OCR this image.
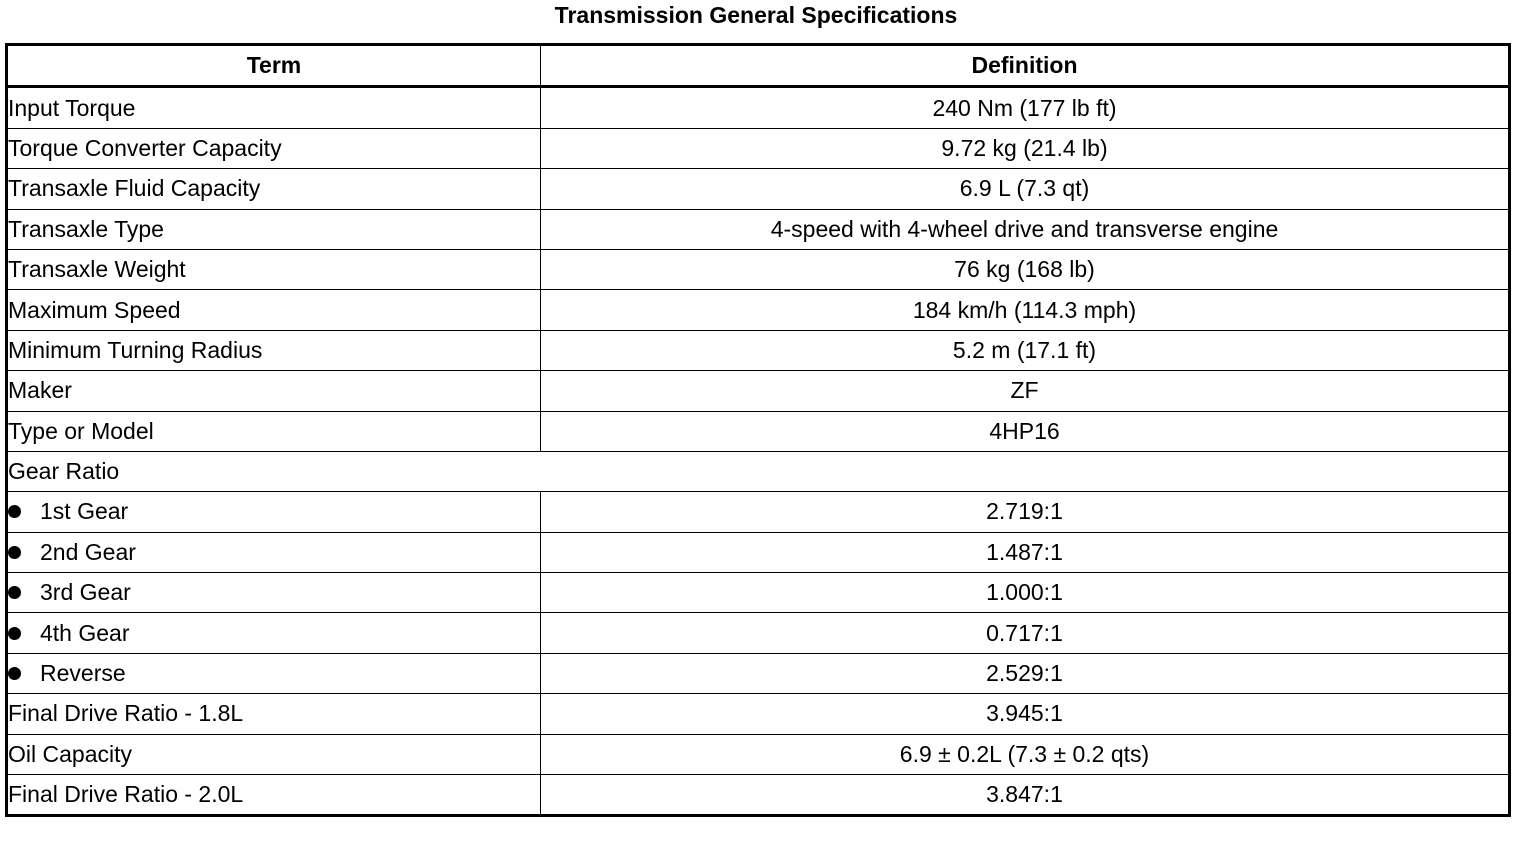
Transmission General Specifications
Term	Definition
Input Torque	240 Nm (177 lb ft)
Torque Converter Capacity	9.72 kg (21.4 lb)
Transaxle Fluid Capacity	6.9 L (7.3 qt)
Transaxle Type	4-speed with 4-wheel drive and transverse engine
Transaxle Weight	76 kg (168 lb)
Maximum Speed	184 km/h (114.3 mph)
Minimum Turning Radius	5.2 m (17.1 ft)
Maker	ZF
Type or Model	4HP16
Gear Ratio	
1st Gear	2.719:1
2nd Gear	1.487:1
3rd Gear	1.000:1
4th Gear	0.717:1
Reverse	2.529:1
Final Drive Ratio - 1.8L	3.945:1
Oil Capacity	6.9 ± 0.2L (7.3 ± 0.2 qts)
Final Drive Ratio - 2.0L	3.847:1
